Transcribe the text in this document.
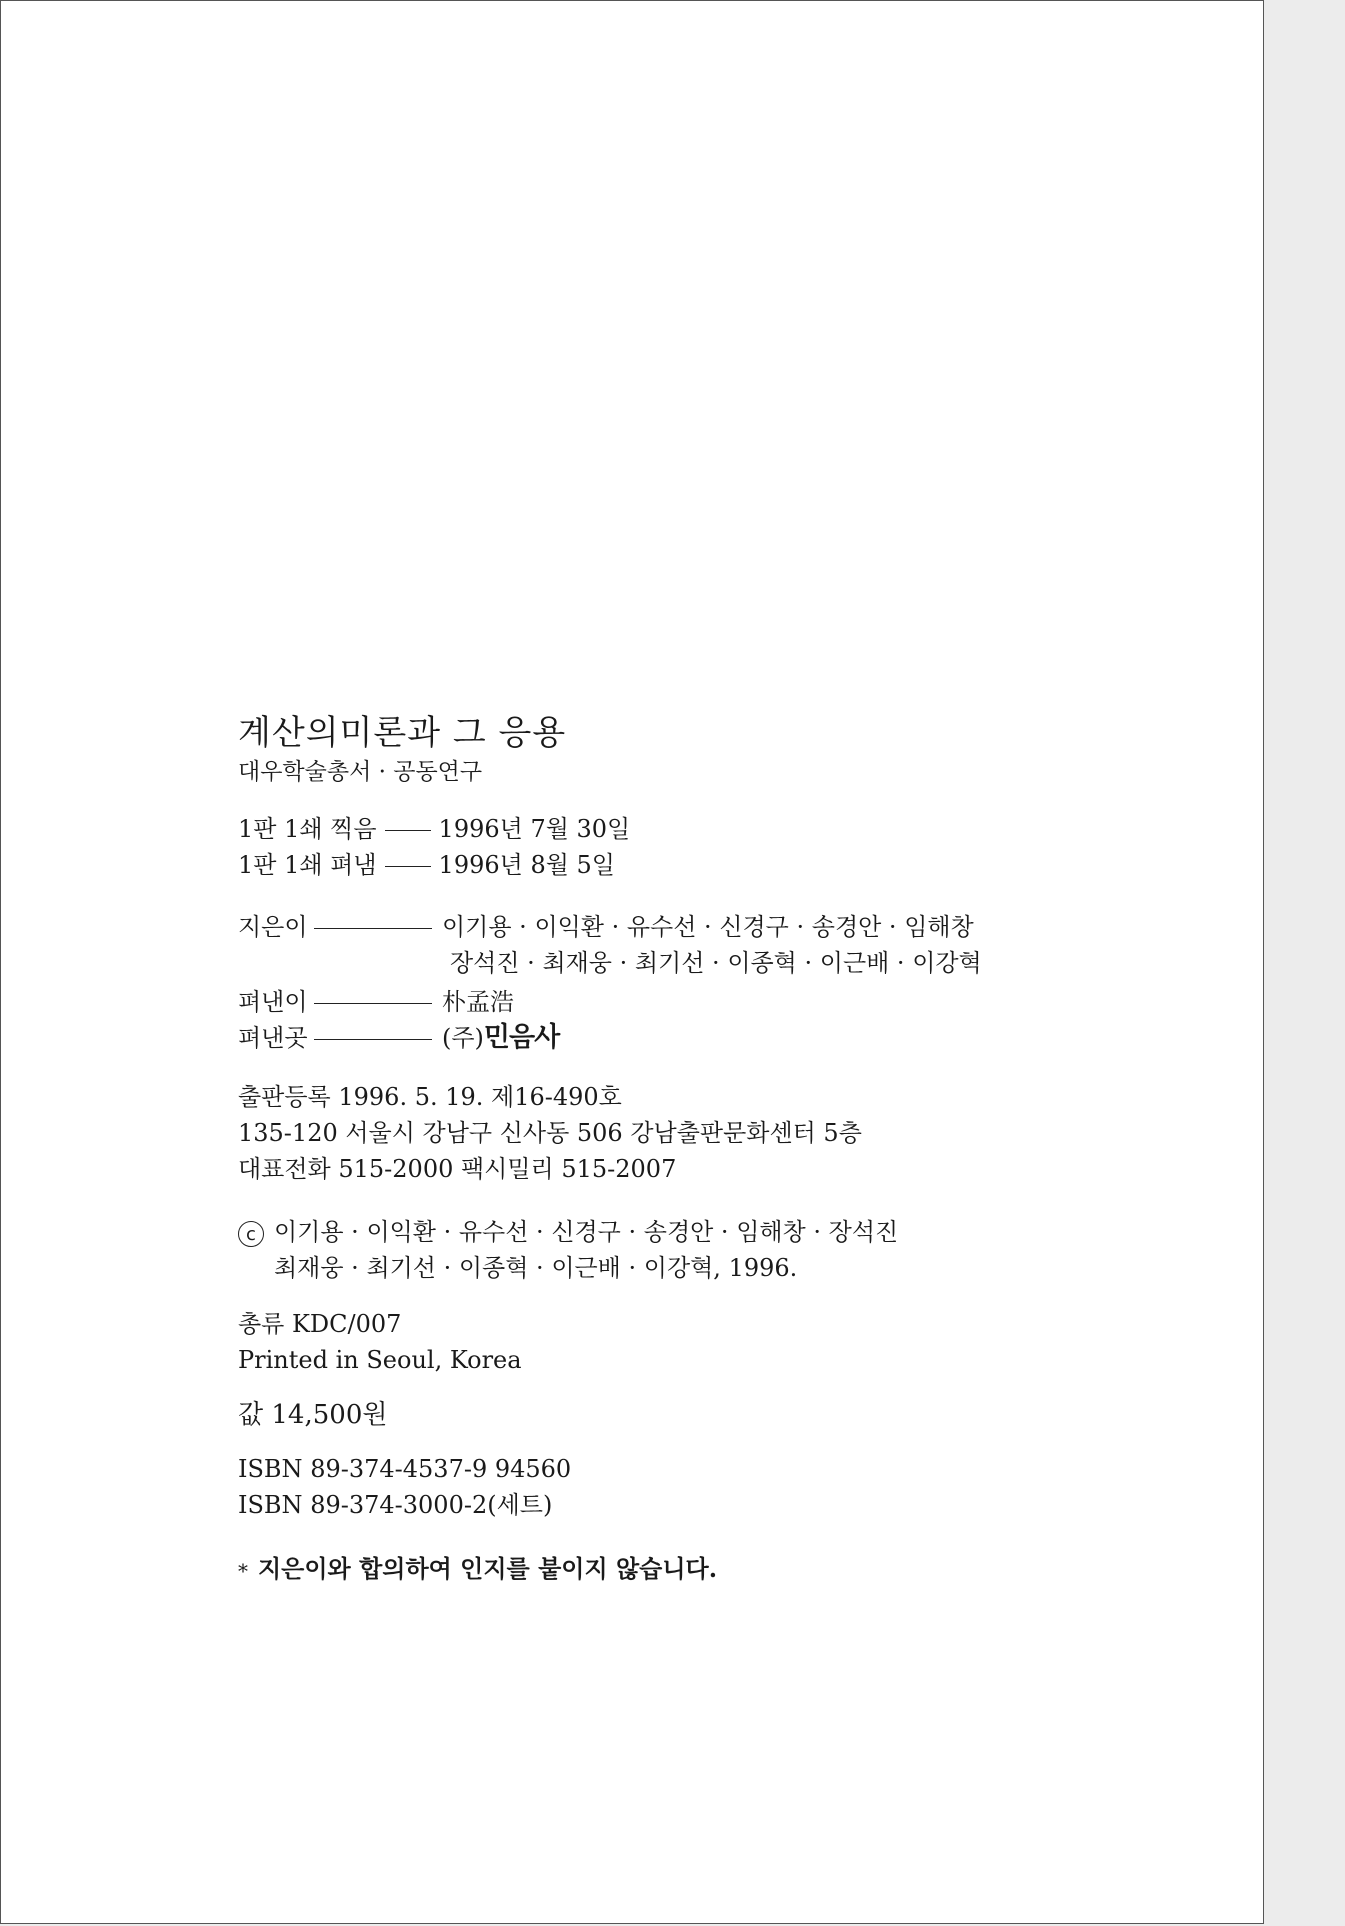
계산의미론과 그 응용
대우학술총서 · 공동연구
1판 1쇄 찍음	1996년 7월 30일
1판 1쇄 펴냄	1996년 8월 5일
지은이	이기용 · 이익환 · 유수선 · 신경구 · 송경안 · 임해창
장석진 · 최재웅 · 최기선 · 이종혁 · 이근배 · 이강혁
펴낸이	朴孟浩
펴낸곳	(주)민음사
출판등록 1996. 5. 19. 제16-490호
135-120 서울시 강남구 신사동 506 강남출판문화센터 5층
대표전화 515-2000 팩시밀리 515-2007
c 이기용 · 이익환 · 유수선 · 신경구 · 송경안 · 임해창 · 장석진
최재웅 · 최기선 · 이종혁 · 이근배 · 이강혁, 1996.
총류 KDC/007
Printed in Seoul, Korea
값 14,500원
ISBN 89-374-4537-9 94560
ISBN 89-374-3000-2(세트)
* 지은이와 합의하여 인지를 붙이지 않습니다.
